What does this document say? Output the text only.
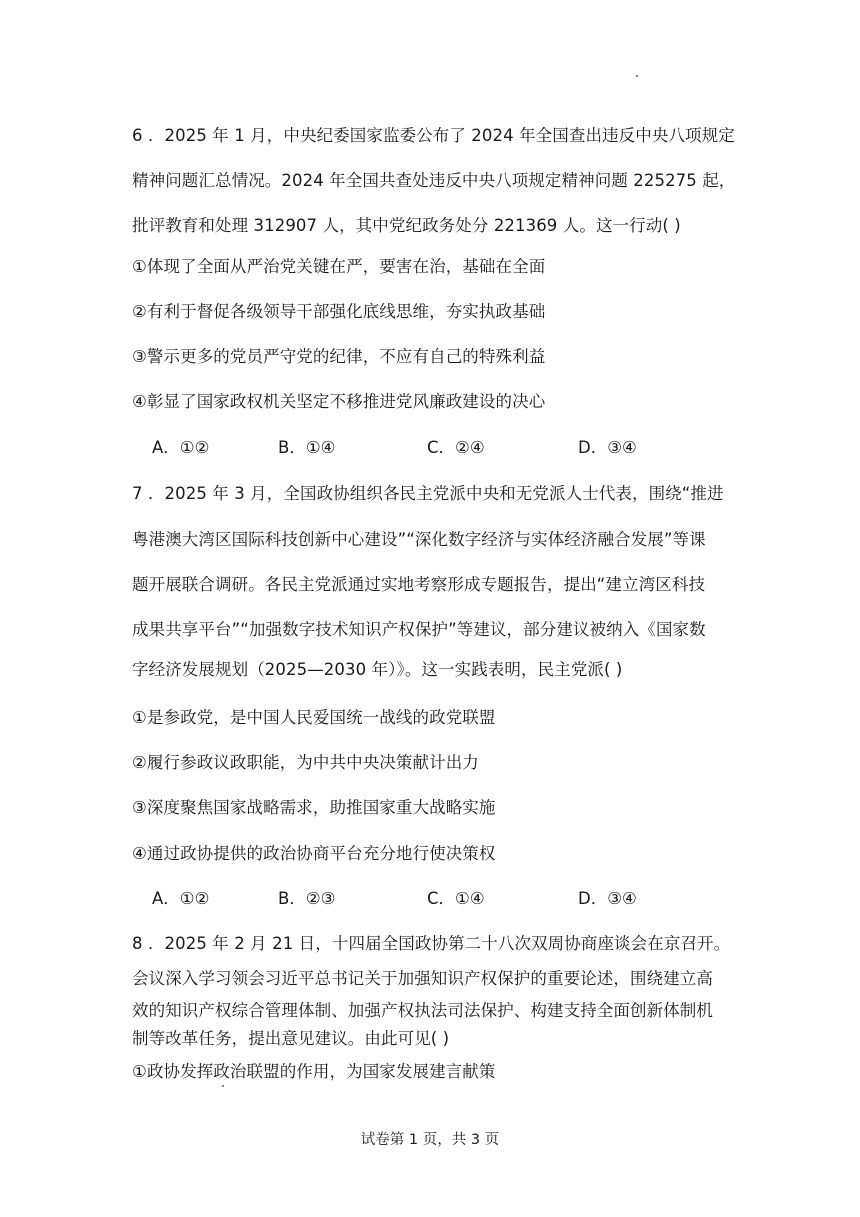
6 ．2025 年 1 月，中央纪委国家监委公布了 2024 年全国查出违反中央八项规定
精神问题汇总情况。2024 年全国共查处违反中央八项规定精神问题 225275 起，
批评教育和处理 312907 人，其中党纪政务处分 221369 人。这一行动( )
①体现了全面从严治党关键在严，要害在治，基础在全面
②有利于督促各级领导干部强化底线思维，夯实执政基础
③警示更多的党员严守党的纪律，不应有自己的特殊利益
④彰显了国家政权机关坚定不移推进党风廉政建设的决心
A．①②	B．①④	C．②④	D．③④
7 ．2025 年 3 月，全国政协组织各民主党派中央和无党派人士代表，围绕“推进
粤港澳大湾区国际科技创新中心建设”“深化数字经济与实体经济融合发展”等课
题开展联合调研。各民主党派通过实地考察形成专题报告，提出“建立湾区科技
成果共享平台”“加强数字技术知识产权保护”等建议，部分建议被纳入《国家数
字经济发展规划（2025—2030 年）》。这一实践表明，民主党派( )
①是参政党，是中国人民爱国统一战线的政党联盟
②履行参政议政职能，为中共中央决策献计出力
③深度聚焦国家战略需求，助推国家重大战略实施
④通过政协提供的政治协商平台充分地行使决策权
A．①②	B．②③	C．①④	D．③④
8 ．2025 年 2 月 21 日，十四届全国政协第二十八次双周协商座谈会在京召开。
会议深入学习领会习近平总书记关于加强知识产权保护的重要论述，围绕建立高
效的知识产权综合管理体制、加强产权执法司法保护、构建支持全面创新体制机
制等改革任务，提出意见建议。由此可见( )
①政协发挥政治联盟的作用，为国家发展建言献策
试卷第 1 页，共 3 页
